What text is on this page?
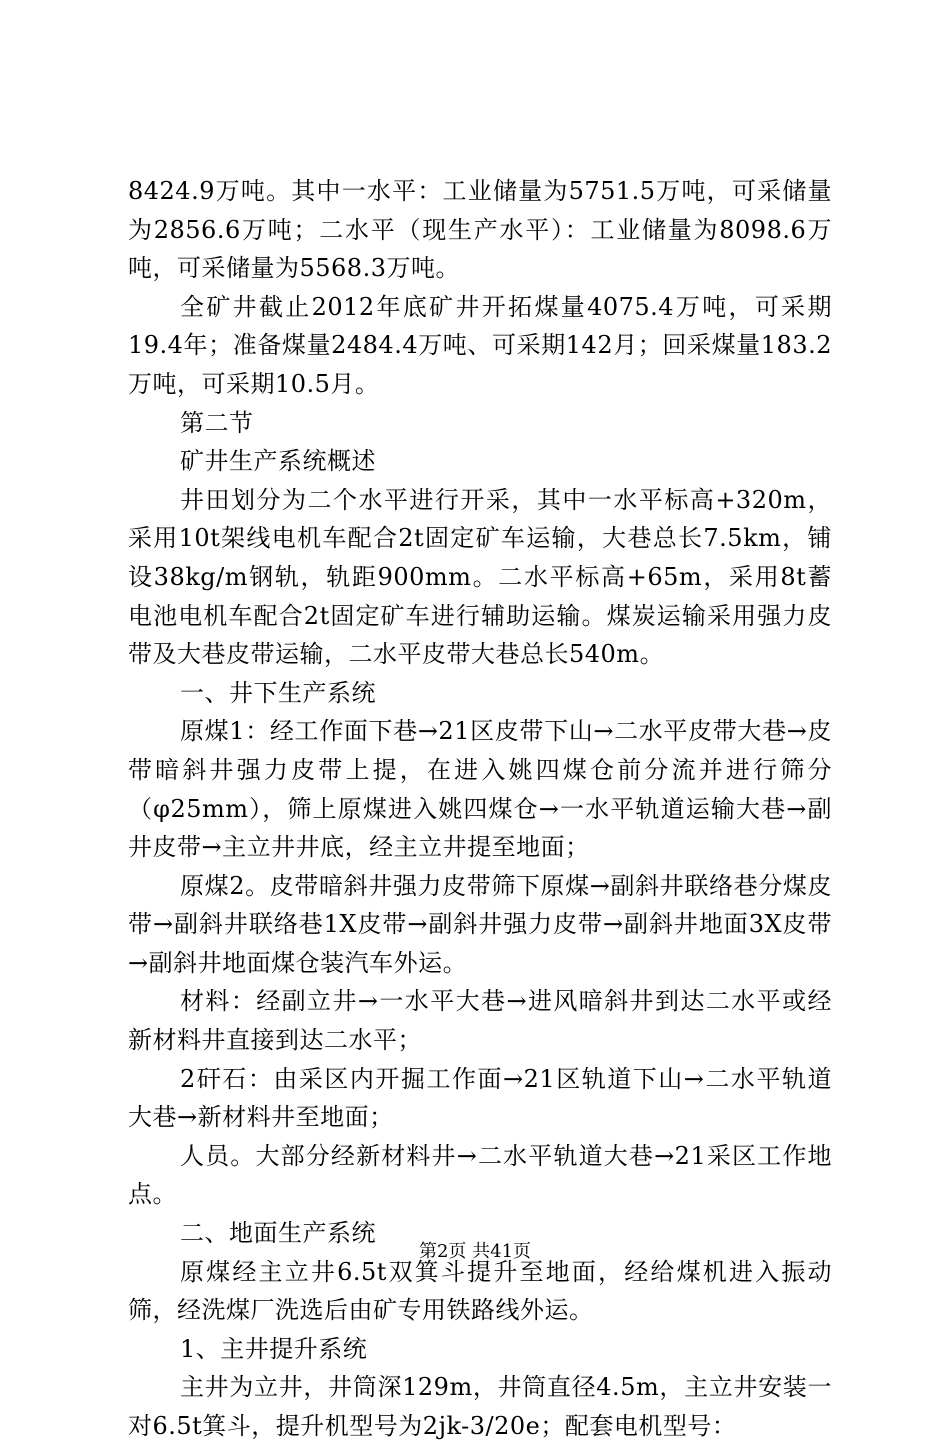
8424.9万吨。其中一水平：工业储量为5751.5万吨，可采储量为2856.6万吨；二水平（现生产水平）：工业储量为8098.6万吨，可采储量为5568.3万吨。

全矿井截止2012年底矿井开拓煤量4075.4万吨，可采期19.4年；准备煤量2484.4万吨、可采期142月；回采煤量183.2万吨，可采期10.5月。

第二节

矿井生产系统概述

井田划分为二个水平进行开采，其中一水平标高+320m，采用10t架线电机车配合2t固定矿车运输，大巷总长7.5km，铺设38kg/m钢轨，轨距900mm。二水平标高+65m，采用8t蓄电池电机车配合2t固定矿车进行辅助运输。煤炭运输采用强力皮带及大巷皮带运输，二水平皮带大巷总长540m。

一、井下生产系统

原煤1：经工作面下巷→21区皮带下山→二水平皮带大巷→皮带暗斜井强力皮带上提，在进入姚四煤仓前分流并进行筛分（φ25mm），筛上原煤进入姚四煤仓→一水平轨道运输大巷→副井皮带→主立井井底，经主立井提至地面；

原煤2。皮带暗斜井强力皮带筛下原煤→副斜井联络巷分煤皮带→副斜井联络巷1X皮带→副斜井强力皮带→副斜井地面3X皮带→副斜井地面煤仓装汽车外运。

材料：经副立井→一水平大巷→进风暗斜井到达二水平或经新材料井直接到达二水平；

2矸石：由采区内开掘工作面→21区轨道下山→二水平轨道大巷→新材料井至地面；

人员。大部分经新材料井→二水平轨道大巷→21采区工作地点。

二、地面生产系统

原煤经主立井6.5t双箕斗提升至地面，经给煤机进入振动筛，经洗煤厂洗选后由矿专用铁路线外运。

1、主井提升系统

主井为立井，井筒深129m，井筒直径4.5m，主立井安装一对6.5t箕斗，提升机型号为2jk-3/20e；配套电机型号：

第2页 共41页
